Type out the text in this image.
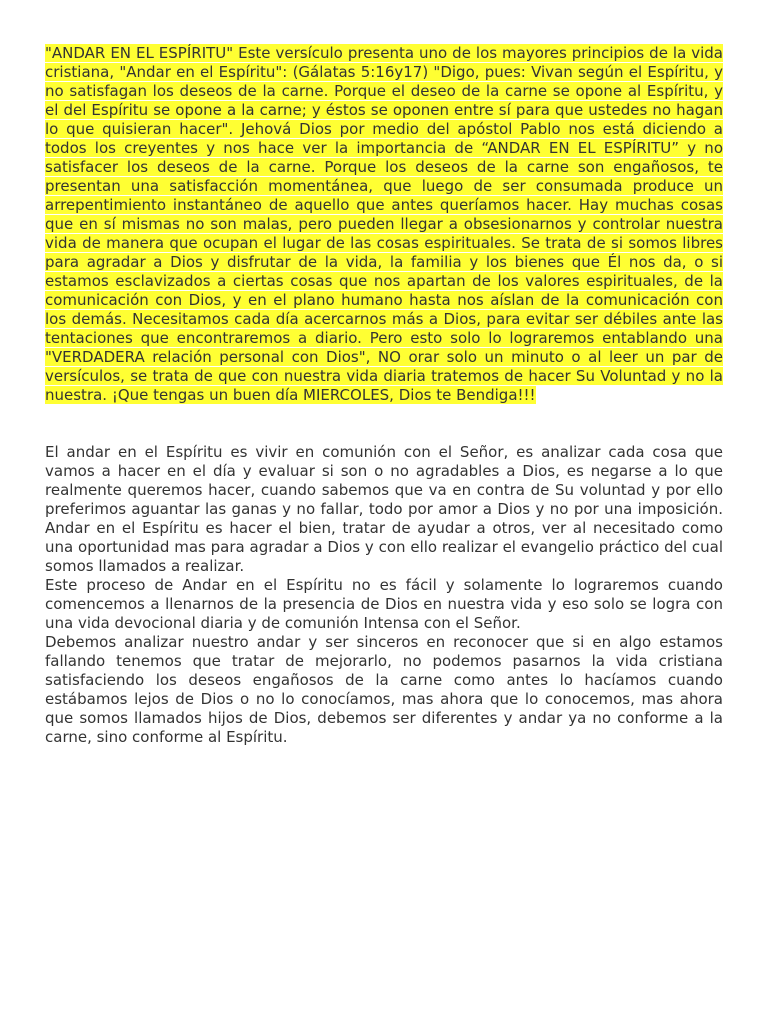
"ANDAR EN EL ESPÍRITU" Este versículo presenta uno de los mayores principios de la vida cristiana, "Andar en el Espíritu": (Gálatas 5:16y17) "Digo, pues: Vivan según el Espíritu, y no satisfagan los deseos de la carne. Porque el deseo de la carne se opone al Espíritu, y el del Espíritu se opone a la carne; y éstos se oponen entre sí para que ustedes no hagan lo que quisieran hacer". Jehová Dios por medio del apóstol Pablo nos está diciendo a todos los creyentes y nos hace ver la importancia de “ANDAR EN EL ESPÍRITU” y no satisfacer los deseos de la carne. Porque los deseos de la carne son engañosos, te presentan una satisfacción momentánea, que luego de ser consumada produce un arrepentimiento instantáneo de aquello que antes queríamos hacer. Hay muchas cosas que en sí mismas no son malas, pero pueden llegar a obsesionarnos y controlar nuestra vida de manera que ocupan el lugar de las cosas espirituales. Se trata de si somos libres para agradar a Dios y disfrutar de la vida, la familia y los bienes que Él nos da, o si estamos esclavizados a ciertas cosas que nos apartan de los valores espirituales, de la comunicación con Dios, y en el plano humano hasta nos aíslan de la comunicación con los demás. Necesitamos cada día acercarnos más a Dios, para evitar ser débiles ante las tentaciones que encontraremos a diario. Pero esto solo lo lograremos entablando una "VERDADERA relación personal con Dios", NO orar solo un minuto o al leer un par de versículos, se trata de que con nuestra vida diaria tratemos de hacer Su Voluntad y no la nuestra. ¡Que tengas un buen día MIERCOLES, Dios te Bendiga!!!

El andar en el Espíritu es vivir en comunión con el Señor, es analizar cada cosa que vamos a hacer en el día y evaluar si son o no agradables a Dios, es negarse a lo que realmente queremos hacer, cuando sabemos que va en contra de Su voluntad y por ello preferimos aguantar las ganas y no fallar, todo por amor a Dios y no por una imposición. Andar en el Espíritu es hacer el bien, tratar de ayudar a otros, ver al necesitado como una oportunidad mas para agradar a Dios y con ello realizar el evangelio práctico del cual somos llamados a realizar.

Este proceso de Andar en el Espíritu no es fácil y solamente lo lograremos cuando comencemos a llenarnos de la presencia de Dios en nuestra vida y eso solo se logra con una vida devocional diaria y de comunión Intensa con el Señor.

Debemos analizar nuestro andar y ser sinceros en reconocer que si en algo estamos fallando tenemos que tratar de mejorarlo, no podemos pasarnos la vida cristiana satisfaciendo los deseos engañosos de la carne como antes lo hacíamos cuando estábamos lejos de Dios o no lo conocíamos, mas ahora que lo conocemos, mas ahora que somos llamados hijos de Dios, debemos ser diferentes y andar ya no conforme a la carne, sino conforme al Espíritu.
